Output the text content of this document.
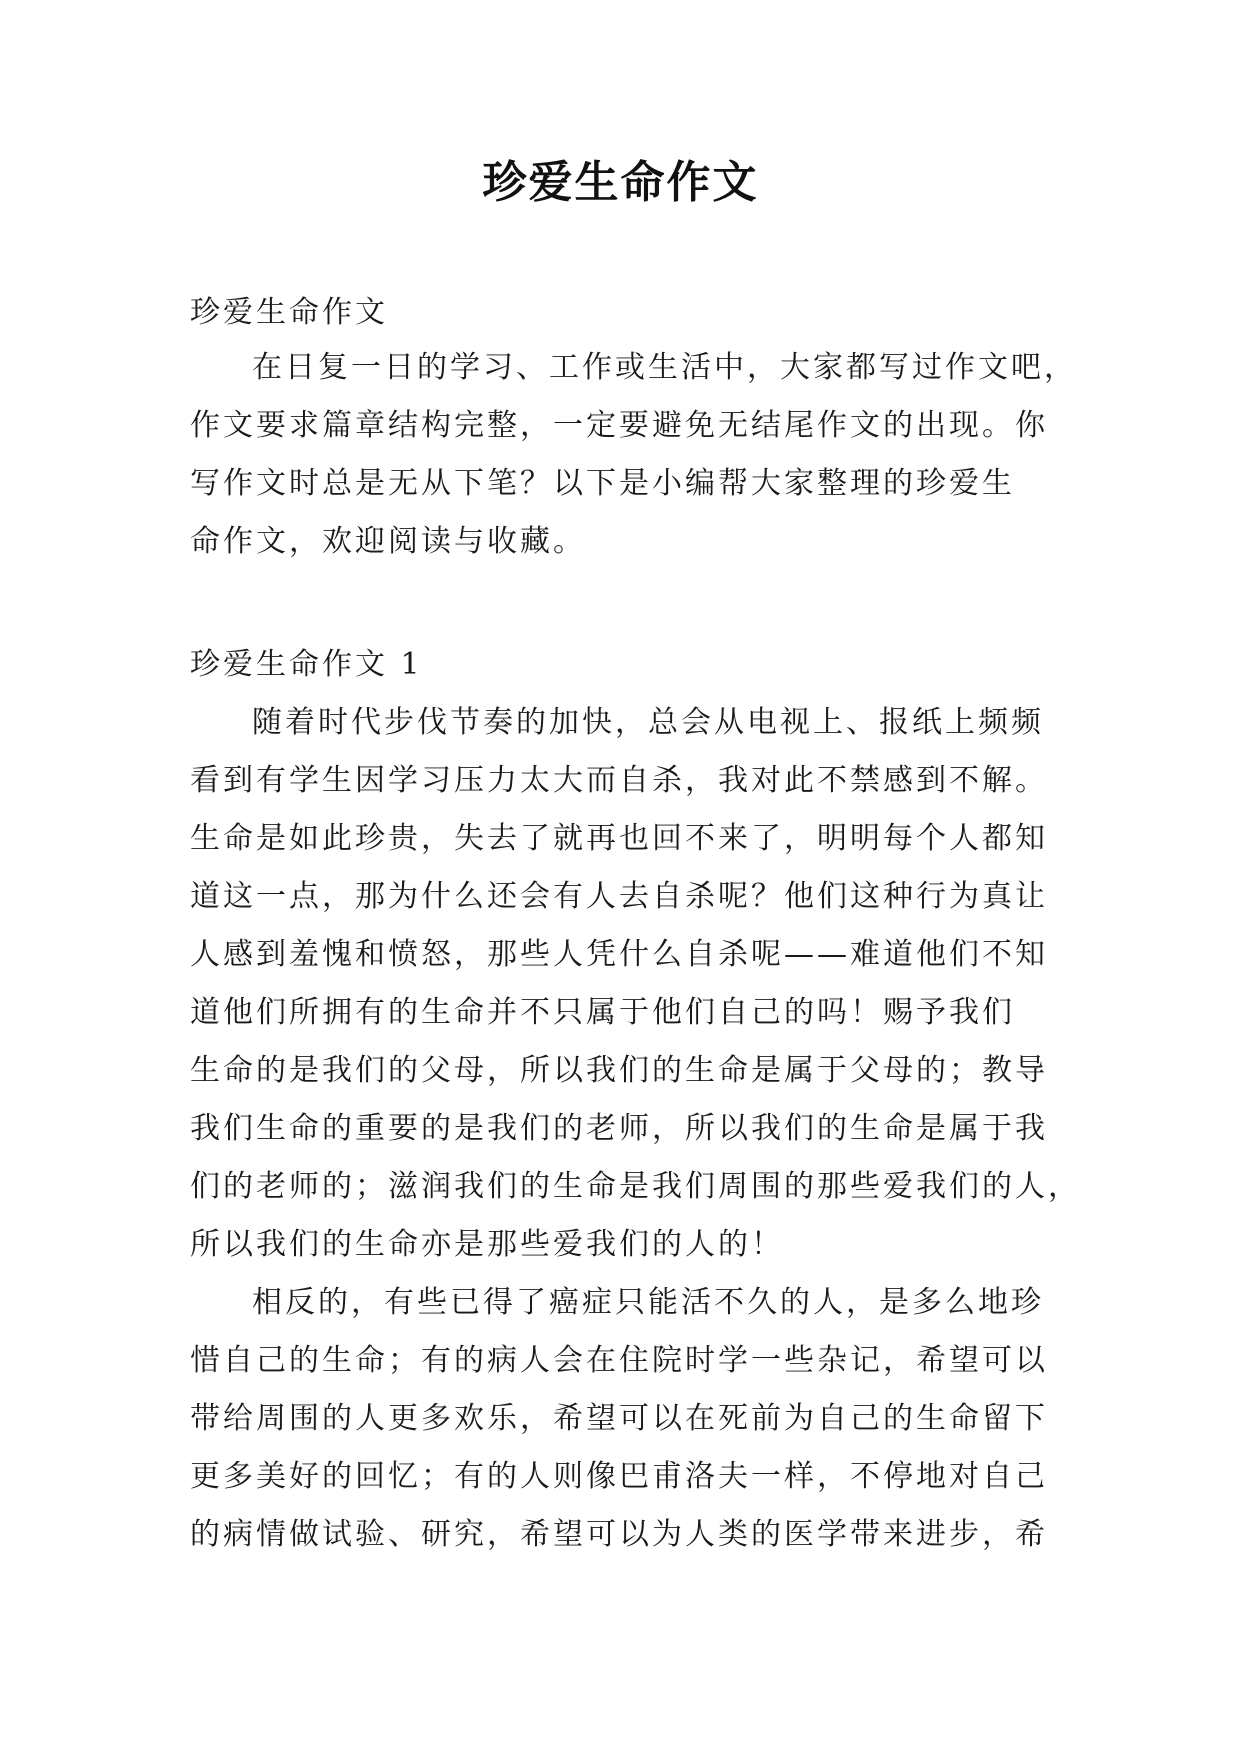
珍爱生命作文

珍爱生命作文

在日复一日的学习、工作或生活中，大家都写过作文吧，

作文要求篇章结构完整，一定要避免无结尾作文的出现。你

写作文时总是无从下笔？以下是小编帮大家整理的珍爱生

命作文，欢迎阅读与收藏。

珍爱生命作文 1

随着时代步伐节奏的加快，总会从电视上、报纸上频频

看到有学生因学习压力太大而自杀，我对此不禁感到不解。

生命是如此珍贵，失去了就再也回不来了，明明每个人都知

道这一点，那为什么还会有人去自杀呢？他们这种行为真让

人感到羞愧和愤怒，那些人凭什么自杀呢——难道他们不知

道他们所拥有的生命并不只属于他们自己的吗！赐予我们

生命的是我们的父母，所以我们的生命是属于父母的；教导

我们生命的重要的是我们的老师，所以我们的生命是属于我

们的老师的；滋润我们的生命是我们周围的那些爱我们的人，

所以我们的生命亦是那些爱我们的人的！

相反的，有些已得了癌症只能活不久的人，是多么地珍

惜自己的生命；有的病人会在住院时学一些杂记，希望可以

带给周围的人更多欢乐，希望可以在死前为自己的生命留下

更多美好的回忆；有的人则像巴甫洛夫一样，不停地对自己

的病情做试验、研究，希望可以为人类的医学带来进步，希
